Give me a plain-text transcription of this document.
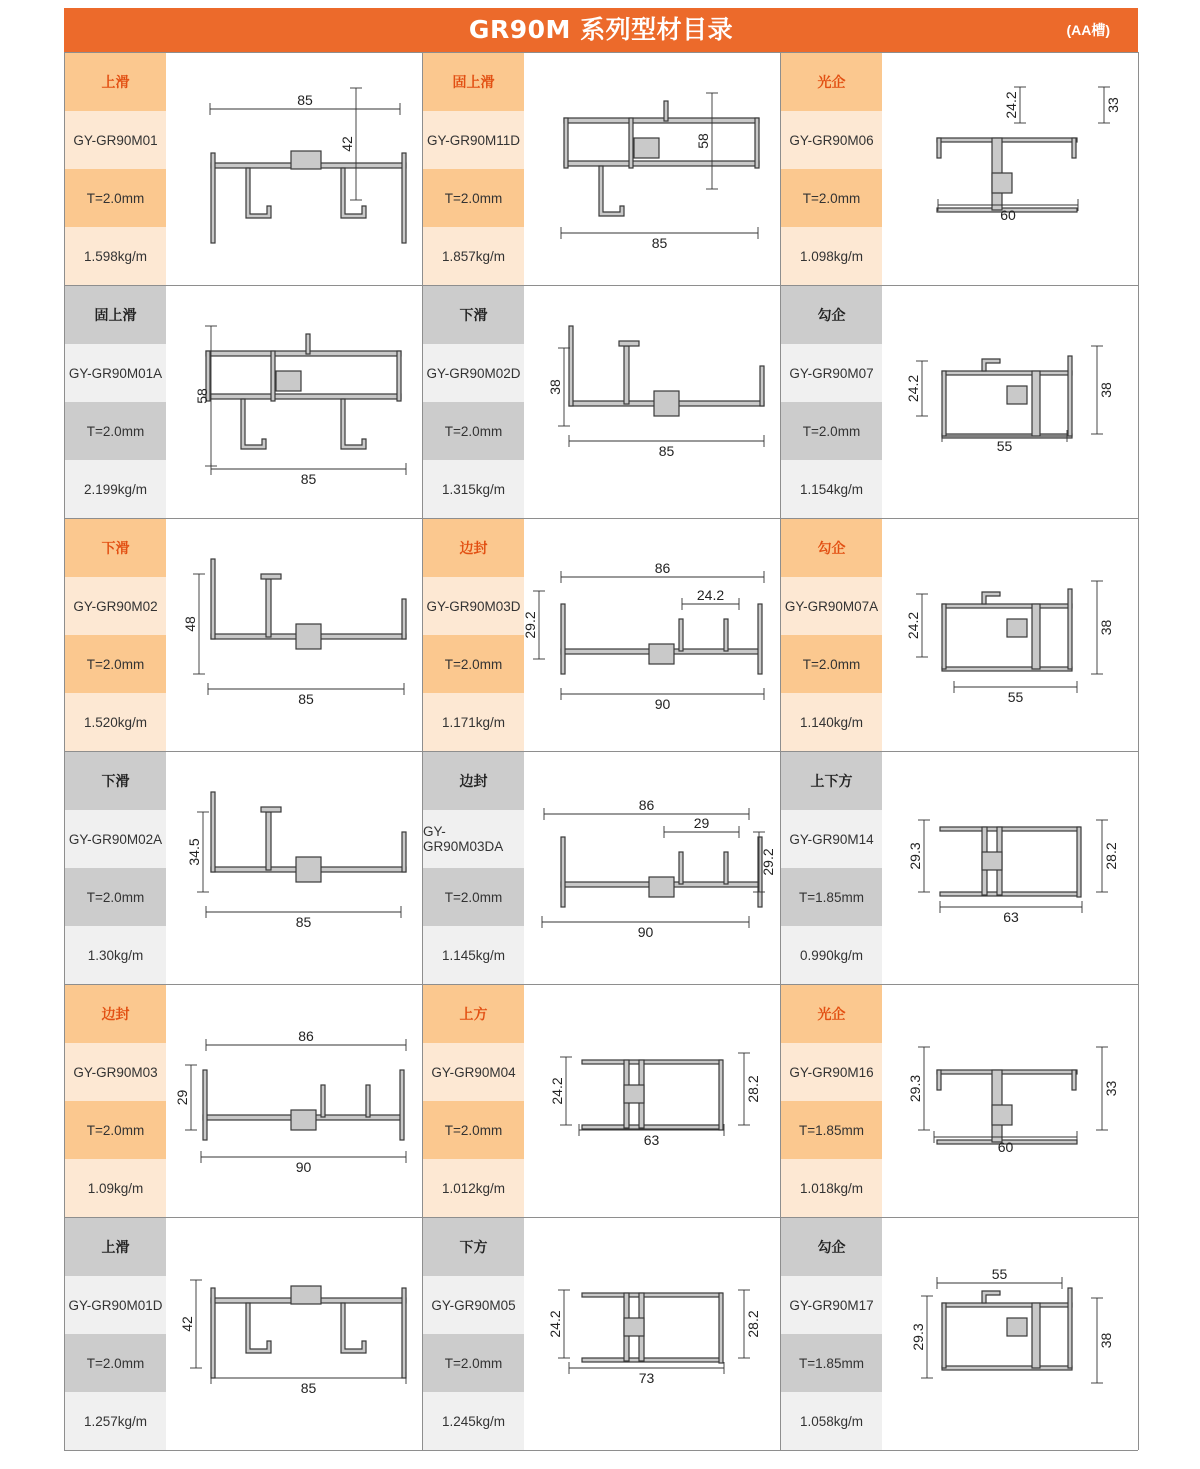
GR90M 系列型材目录	(AA槽)
上滑
GY-GR90M01
T=2.0mm
1.598kg/m
85
42
固上滑
GY-GR90M11D
T=2.0mm
1.857kg/m
58
85
光企
GY-GR90M06
T=2.0mm
1.098kg/m
24.2	33
60
固上滑
GY-GR90M01A
T=2.0mm
2.199kg/m
58
85
下滑
GY-GR90M02D
T=2.0mm
1.315kg/m
38
85
勾企
GY-GR90M07
T=2.0mm
1.154kg/m
24.2	38
55
下滑
GY-GR90M02
T=2.0mm
1.520kg/m
48
85
边封
GY-GR90M03D
T=2.0mm
1.171kg/m
86
24.2
29.2
90
勾企
GY-GR90M07A
T=2.0mm
1.140kg/m
24.2	38
55
下滑
GY-GR90M02A
T=2.0mm
1.30kg/m
34.5
85
边封
GY-GR90M03DA
T=2.0mm
1.145kg/m
86
29
29.2
90
上下方
GY-GR90M14
T=1.85mm
0.990kg/m
29.3	28.2
63
边封
GY-GR90M03
T=2.0mm
1.09kg/m
86
29
90
上方
GY-GR90M04
T=2.0mm
1.012kg/m
24.2	28.2
63
光企
GY-GR90M16
T=1.85mm
1.018kg/m
29.3	33
60
上滑
GY-GR90M01D
T=2.0mm
1.257kg/m
42
85
下方
GY-GR90M05
T=2.0mm
1.245kg/m
24.2	28.2
73
勾企
GY-GR90M17
T=1.85mm
1.058kg/m
55
29.3	38
